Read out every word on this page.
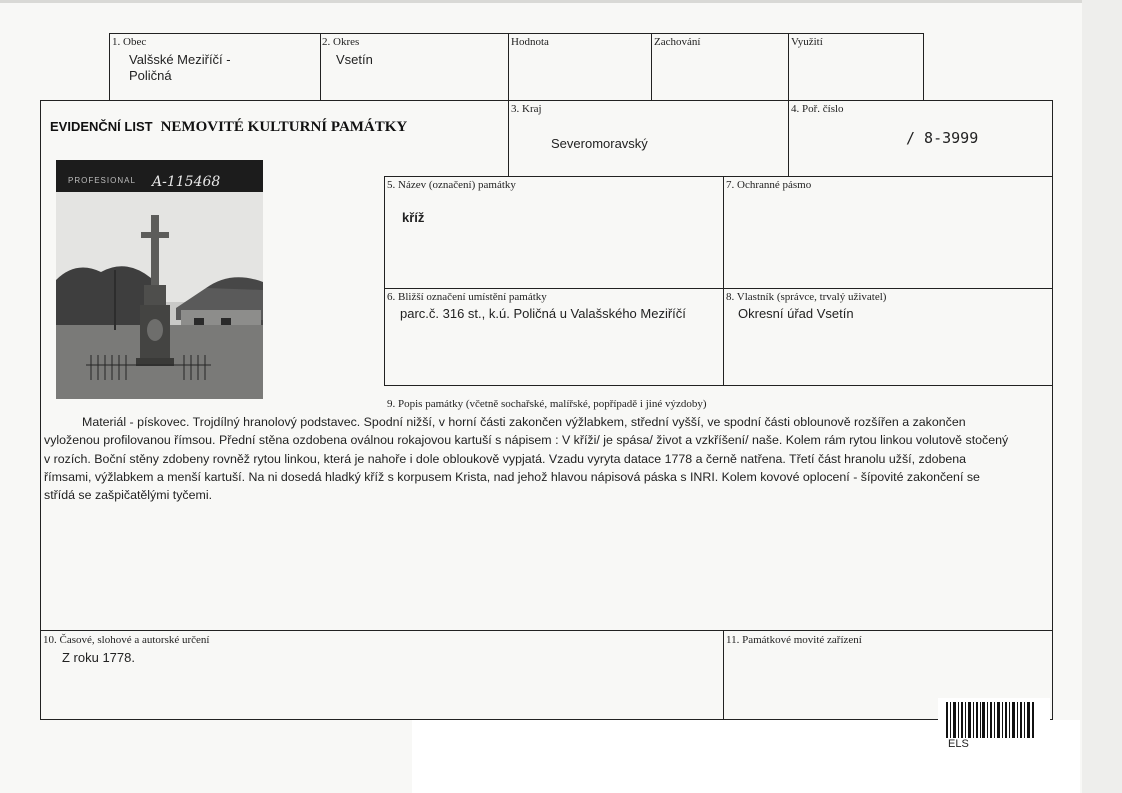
1. Obec
Valšské Meziříčí -
Poličná
2. Okres
Vsetín
Hodnota	Zachování	Využití
EVIDENČNÍ LIST NEMOVITÉ KULTURNÍ PAMÁTKY
3. Kraj
Severomoravský
4. Poř. číslo
/ 8-3999
5. Název (označení) památky
kříž
7. Ochranné pásmo
6. Bližší označení umístění památky
parc.č. 316 st., k.ú. Poličná u Valašského Meziříčí
8. Vlastník (správce, trvalý uživatel)
Okresní úřad Vsetín
PROFESIONAL A-115468
9. Popis památky (včetně sochařské, malířské, popřípadě i jiné výzdoby)
Materiál - pískovec. Trojdílný hranolový podstavec. Spodní nižší, v horní části zakončen výžlabkem, střední vyšší, ve spodní části oblounově rozšířen a zakončen vyloženou profilovanou římsou. Přední stěna ozdobena oválnou rokajovou kartuší s nápisem : V kříži/ je spása/ život a vzkříšení/ naše. Kolem rám rytou linkou volutově stočený v rozích. Boční stěny zdobeny rovněž rytou linkou, která je nahoře i dole obloukově vypjatá. Vzadu vyryta datace 1778 a černě natřena. Třetí část hranolu užší, zdobena římsami, výžlabkem a menší kartuší. Na ni dosedá hladký kříž s korpusem Krista, nad jehož hlavou nápisová páska s INRI. Kolem kovové oplocení - šípovité zakončení se střídá se zašpičatělými tyčemi.
10. Časové, slohové a autorské určení
Z roku 1778.
11. Památkové movité zařízení
ELS
